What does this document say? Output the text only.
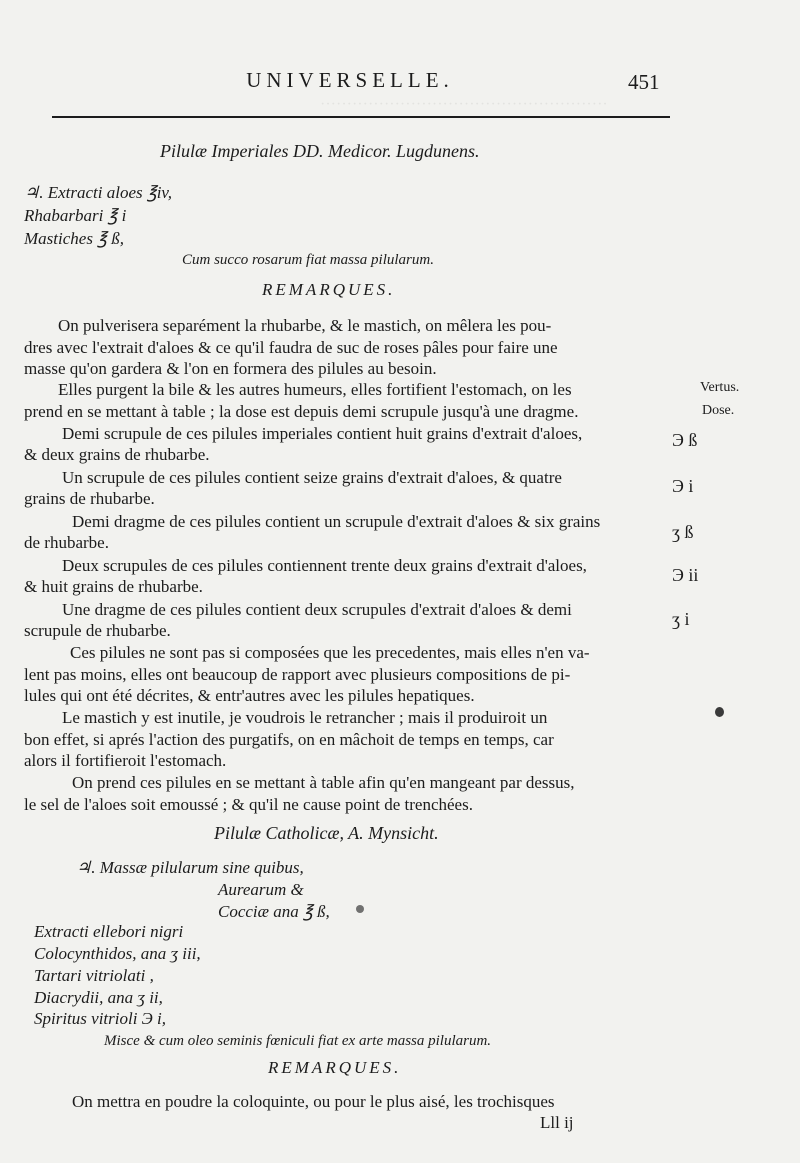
······················································
UNIVERSELLE.	451
Pilulæ Imperiales DD. Medicor. Lugdunens.
♃. Extracti aloes ℥iv,
Rhabarbari ℥ i
Mastiches ℥ ß,
Cum succo rosarum fiat massa pilularum.
REMARQUES.
On pulverisera separément la rhubarbe, & le mastich, on mêlera les pou-
dres avec l'extrait d'aloes & ce qu'il faudra de suc de roses pâles pour faire une
masse qu'on gardera & l'on en formera des pilules au besoin.
Elles purgent la bile & les autres humeurs, elles fortifient l'estomach, on les
prend en se mettant à table ; la dose est depuis demi scrupule jusqu'à une dragme.
Demi scrupule de ces pilules imperiales contient huit grains d'extrait d'aloes,
& deux grains de rhubarbe.
Un scrupule de ces pilules contient seize grains d'extrait d'aloes, & quatre
grains de rhubarbe.
Demi dragme de ces pilules contient un scrupule d'extrait d'aloes & six grains
de rhubarbe.
Deux scrupules de ces pilules contiennent trente deux grains d'extrait d'aloes,
& huit grains de rhubarbe.
Une dragme de ces pilules contient deux scrupules d'extrait d'aloes & demi
scrupule de rhubarbe.
Ces pilules ne sont pas si composées que les precedentes, mais elles n'en va-
lent pas moins, elles ont beaucoup de rapport avec plusieurs compositions de pi-
lules qui ont été décrites, & entr'autres avec les pilules hepatiques.
Le mastich y est inutile, je voudrois le retrancher ; mais il produiroit un
bon effet, si aprés l'action des purgatifs, on en mâchoit de temps en temps, car
alors il fortifieroit l'estomach.
On prend ces pilules en se mettant à table afin qu'en mangeant par dessus,
le sel de l'aloes soit emoussé ; & qu'il ne cause point de trenchées.
Vertus.
Dose.
Э ß
Э i
ʒ ß
Э ii
ʒ i
Pilulæ Catholicæ, A. Mynsicht.
♃. Massæ pilularum sine quibus,
Aurearum &
Cocciæ ana ℥ ß,
Extracti ellebori nigri
Colocynthidos, ana ʒ iii,
Tartari vitriolati ,
Diacrydii, ana ʒ ii,
Spiritus vitrioli Э i,
Misce & cum oleo seminis fœniculi fiat ex arte massa pilularum.
REMARQUES.
On mettra en poudre la coloquinte, ou pour le plus aisé, les trochisques
Lll ij
